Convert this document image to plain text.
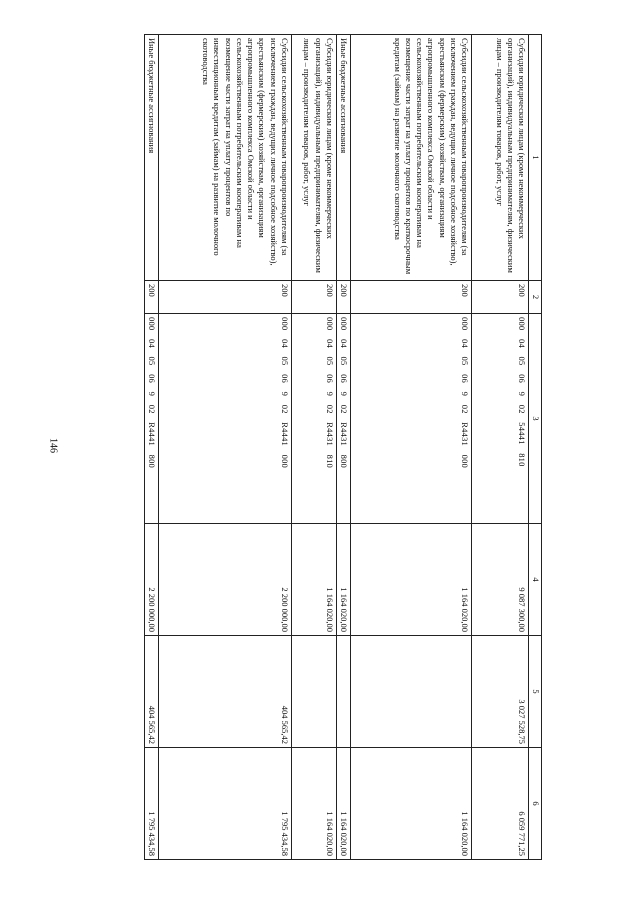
146
1	2	3	4	5	6
Субсидии юридическим лицам (кроме некоммерческих организаций), индивидуальным предпринимателям, физическим лицам – производителям товаров, работ, услуг	200	000  04  05  06  9  02  54441  810	9 087 300,00	3 027 528,75	6 059 771,25
Субсидии сельскохозяйственным товаропроизводителям (за исключением граждан, ведущих личное подсобное хозяйство), крестьянским (фермерским) хозяйствам, организациям агропромышленного комплекса Омской области и сельскохозяйственным потребительским кооперативам на возмещение части затрат на уплату процентов по краткосрочным кредитам (займам) на развитие молочного скотоводства	200	000  04  05  06  9  02  R4431  000	1 164 020,00		1 164 020,00
Иные бюджетные ассигнования	200	000  04  05  06  9  02  R4431  800	1 164 020,00		1 164 020,00
Субсидии юридическим лицам (кроме некоммерческих организаций), индивидуальным предпринимателям, физическим лицам – производителям товаров, работ, услуг	200	000  04  05  06  9  02  R4431  810	1 164 020,00		1 164 020,00
Субсидии сельскохозяйственным товаропроизводителям (за исключением граждан, ведущих личное подсобное хозяйство), крестьянским (фермерским) хозяйствам, организациям агропромышленного комплекса Омской области и сельскохозяйственным потребительским кооперативам на возмещение части затрат на уплату процентов по инвестиционным кредитам (займам) на развитие молочного скотоводства	200	000  04  05  06  9  02  R4441  000	2 200 000,00	404 565,42	1 795 434,58
Иные бюджетные ассигнования	200	000  04  05  06  9  02  R4441  800	2 200 000,00	404 565,42	1 795 434,58
